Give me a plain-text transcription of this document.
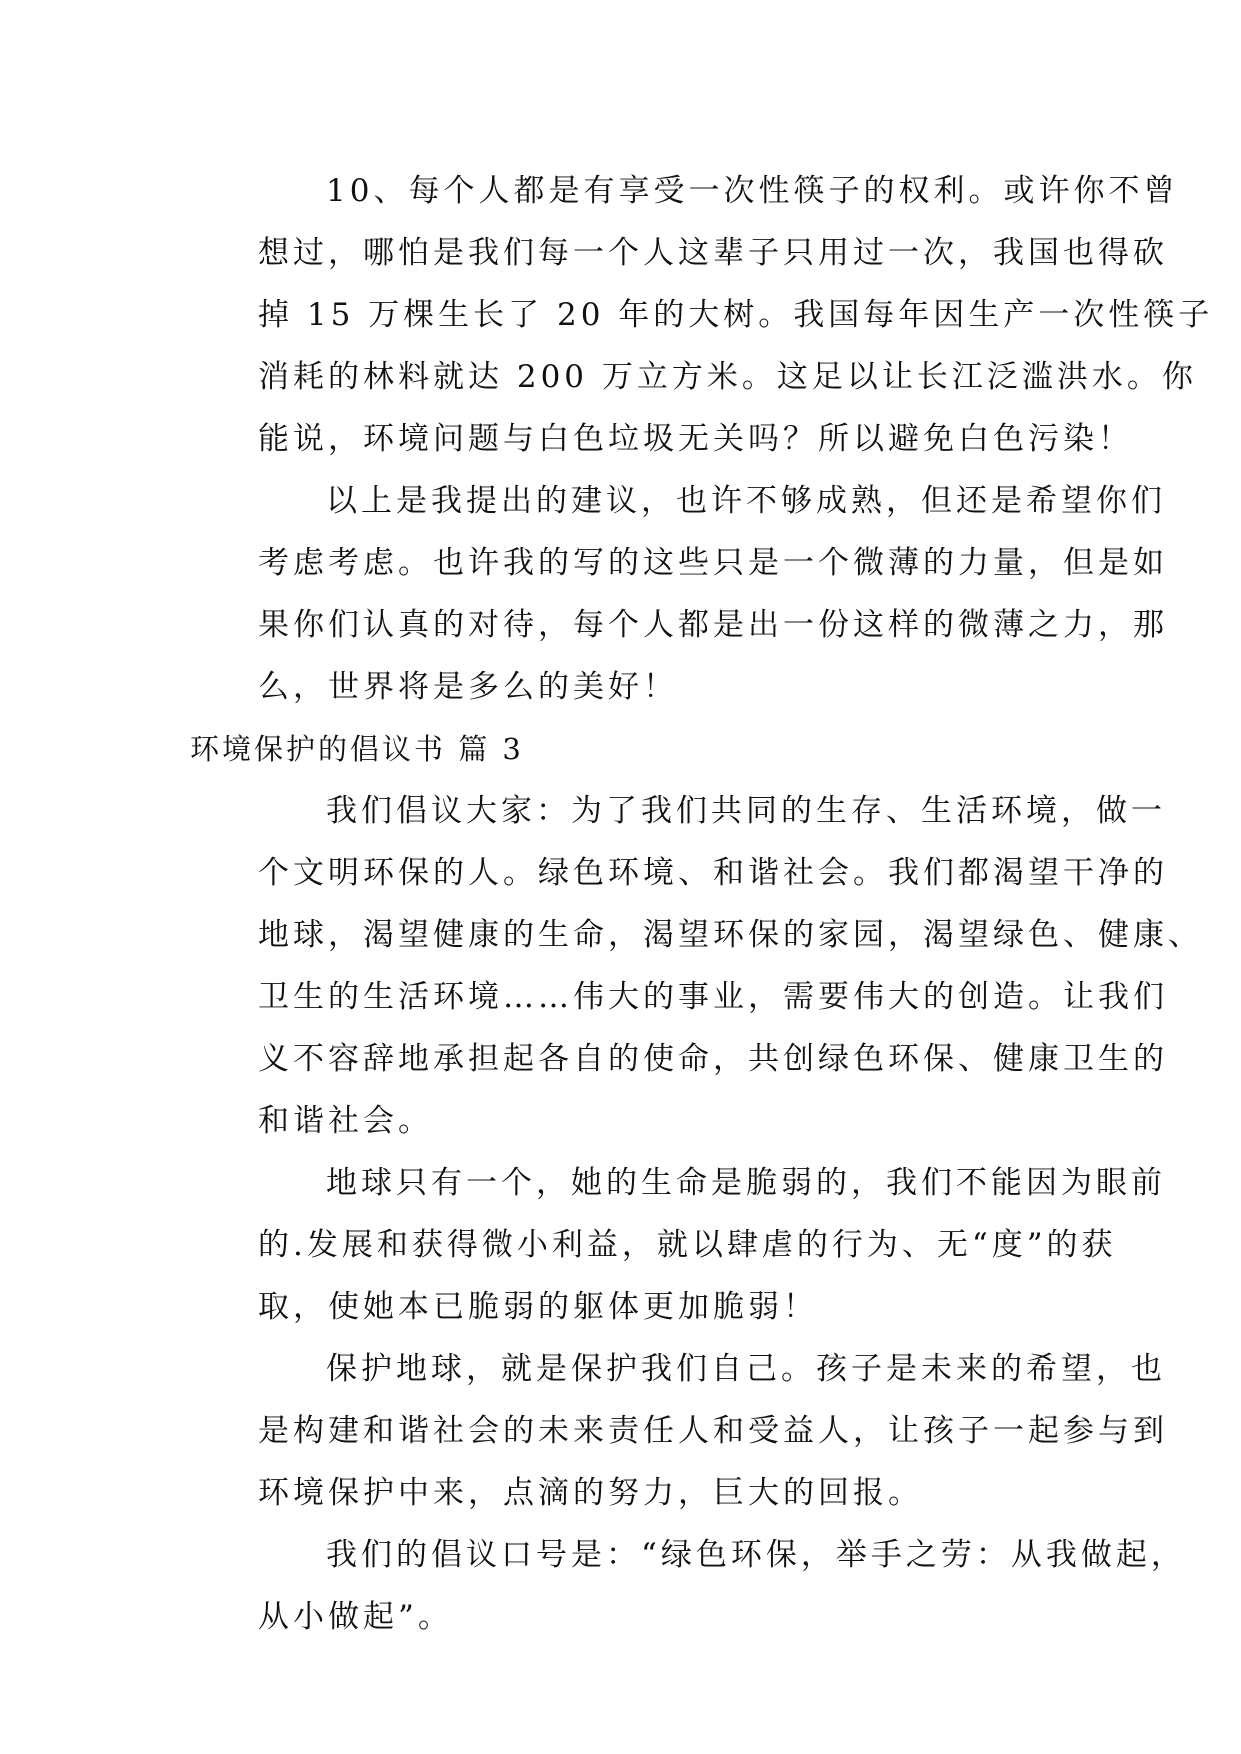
10、每个人都是有享受一次性筷子的权利。或许你不曾
想过，哪怕是我们每一个人这辈子只用过一次，我国也得砍
掉 15 万棵生长了 20 年的大树。我国每年因生产一次性筷子
消耗的林料就达 200 万立方米。这足以让长江泛滥洪水。你
能说，环境问题与白色垃圾无关吗？所以避免白色污染！
以上是我提出的建议，也许不够成熟，但还是希望你们
考虑考虑。也许我的写的这些只是一个微薄的力量，但是如
果你们认真的对待，每个人都是出一份这样的微薄之力，那
么，世界将是多么的美好！
环境保护的倡议书 篇 3
我们倡议大家：为了我们共同的生存、生活环境，做一
个文明环保的人。绿色环境、和谐社会。我们都渴望干净的
地球，渴望健康的生命，渴望环保的家园，渴望绿色、健康、
卫生的生活环境……伟大的事业，需要伟大的创造。让我们
义不容辞地承担起各自的使命，共创绿色环保、健康卫生的
和谐社会。
地球只有一个，她的生命是脆弱的，我们不能因为眼前
的.发展和获得微小利益，就以肆虐的行为、无“度”的获
取，使她本已脆弱的躯体更加脆弱！
保护地球，就是保护我们自己。孩子是未来的希望，也
是构建和谐社会的未来责任人和受益人，让孩子一起参与到
环境保护中来，点滴的努力，巨大的回报。
我们的倡议口号是：“绿色环保，举手之劳：从我做起，
从小做起”。
